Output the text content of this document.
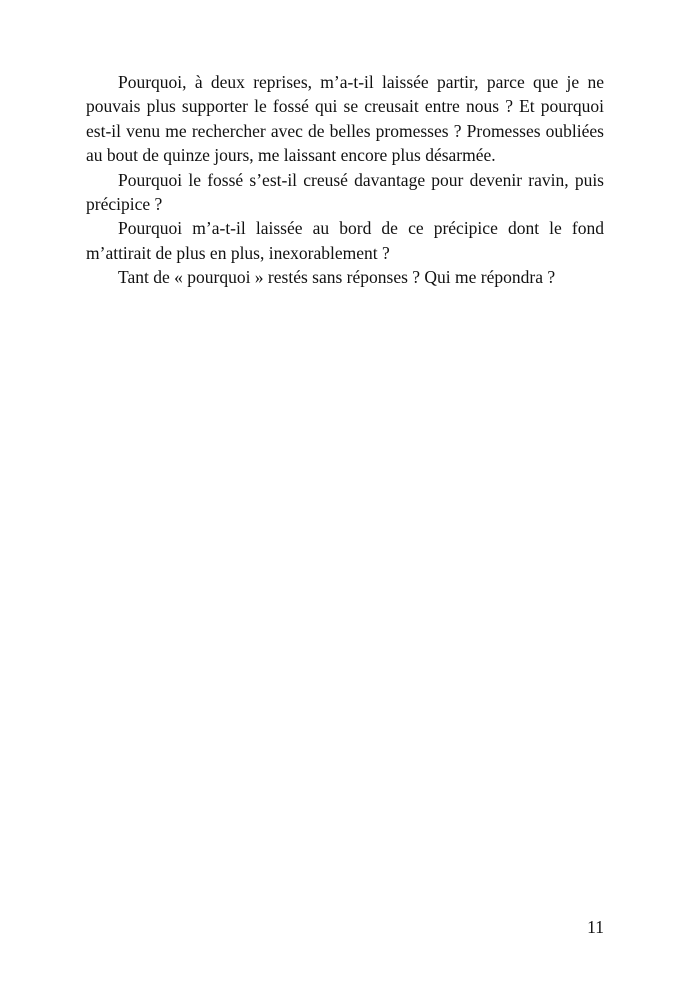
Pourquoi, à deux reprises, m’a-t-il laissée partir, parce que je ne pouvais plus supporter le fossé qui se creusait entre nous ? Et pourquoi est-il venu me rechercher avec de belles promesses ? Promesses oubliées au bout de quinze jours, me laissant encore plus désarmée.

Pourquoi le fossé s’est-il creusé davantage pour devenir ravin, puis précipice ?

Pourquoi m’a-t-il laissée au bord de ce précipice dont le fond m’attirait de plus en plus, inexorablement ?

Tant de « pourquoi » restés sans réponses ? Qui me répondra ?

11
